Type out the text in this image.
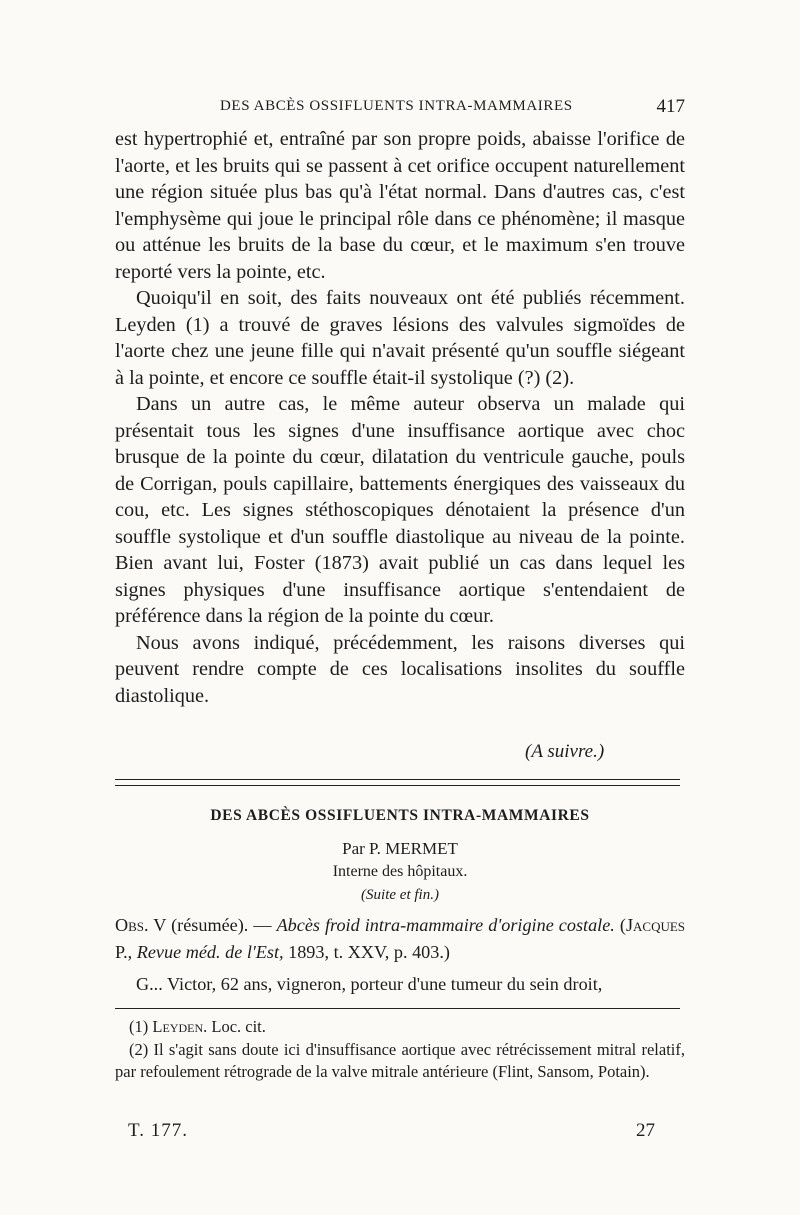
DES ABCÈS OSSIFLUENTS INTRA-MAMMAIRES	417

est hypertrophié et, entraîné par son propre poids, abaisse l'orifice de l'aorte, et les bruits qui se passent à cet orifice occupent naturellement une région située plus bas qu'à l'état normal. Dans d'autres cas, c'est l'emphysème qui joue le principal rôle dans ce phénomène; il masque ou atténue les bruits de la base du cœur, et le maximum s'en trouve reporté vers la pointe, etc.

Quoiqu'il en soit, des faits nouveaux ont été publiés récemment. Leyden (1) a trouvé de graves lésions des valvules sigmoïdes de l'aorte chez une jeune fille qui n'avait présenté qu'un souffle siégeant à la pointe, et encore ce souffle était-il systolique (?) (2).

Dans un autre cas, le même auteur observa un malade qui présentait tous les signes d'une insuffisance aortique avec choc brusque de la pointe du cœur, dilatation du ventricule gauche, pouls de Corrigan, pouls capillaire, battements énergiques des vaisseaux du cou, etc. Les signes stéthoscopiques dénotaient la présence d'un souffle systolique et d'un souffle diastolique au niveau de la pointe. Bien avant lui, Foster (1873) avait publié un cas dans lequel les signes physiques d'une insuffisance aortique s'entendaient de préférence dans la région de la pointe du cœur.

Nous avons indiqué, précédemment, les raisons diverses qui peuvent rendre compte de ces localisations insolites du souffle diastolique.

(A suivre.)
DES ABCÈS OSSIFLUENTS INTRA-MAMMAIRES
Par P. MERMET
Interne des hôpitaux.
(Suite et fin.)
Obs. V (résumée). — Abcès froid intra-mammaire d'origine costale. (Jacques P., Revue méd. de l'Est, 1893, t. XXV, p. 403.)
G... Victor, 62 ans, vigneron, porteur d'une tumeur du sein droit,

(1) Leyden. Loc. cit.

(2) Il s'agit sans doute ici d'insuffisance aortique avec rétrécissement mitral relatif, par refoulement rétrograde de la valve mitrale antérieure (Flint, Sansom, Potain).

T. 177.	27
